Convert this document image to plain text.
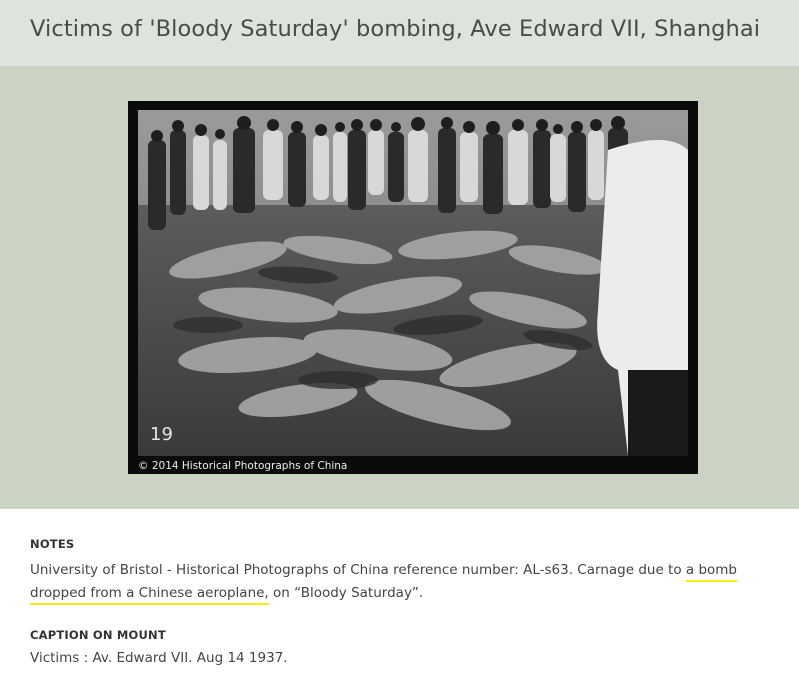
Victims of 'Bloody Saturday' bombing, Ave Edward VII, Shanghai
19
© 2014 Historical Photographs of China
NOTES

University of Bristol - Historical Photographs of China reference number: AL-s63. Carnage due to a bomb dropped from a Chinese aeroplane, on “Bloody Saturday”.

CAPTION ON MOUNT

Victims : Av. Edward VII. Aug 14 1937.
